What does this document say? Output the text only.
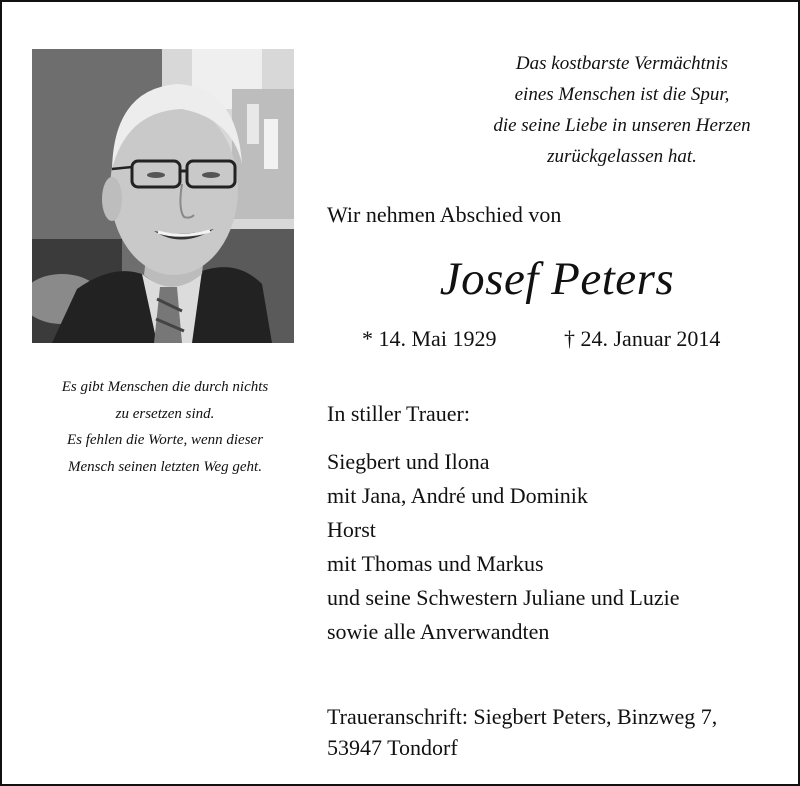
Das kostbarste Vermächtnis
eines Menschen ist die Spur,
die seine Liebe in unseren Herzen
zurückgelassen hat.
Es gibt Menschen die durch nichts
zu ersetzen sind.
Es fehlen die Worte, wenn dieser
Mensch seinen letzten Weg geht.
Wir nehmen Abschied von
Josef Peters
* 14. Mai 1929	† 24. Januar 2014
In stiller Trauer:
Siegbert und Ilona
mit Jana, André und Dominik
Horst
mit Thomas und Markus
und seine Schwestern Juliane und Luzie
sowie alle Anverwandten
Traueranschrift: Siegbert Peters, Binzweg 7,
53947 Tondorf
